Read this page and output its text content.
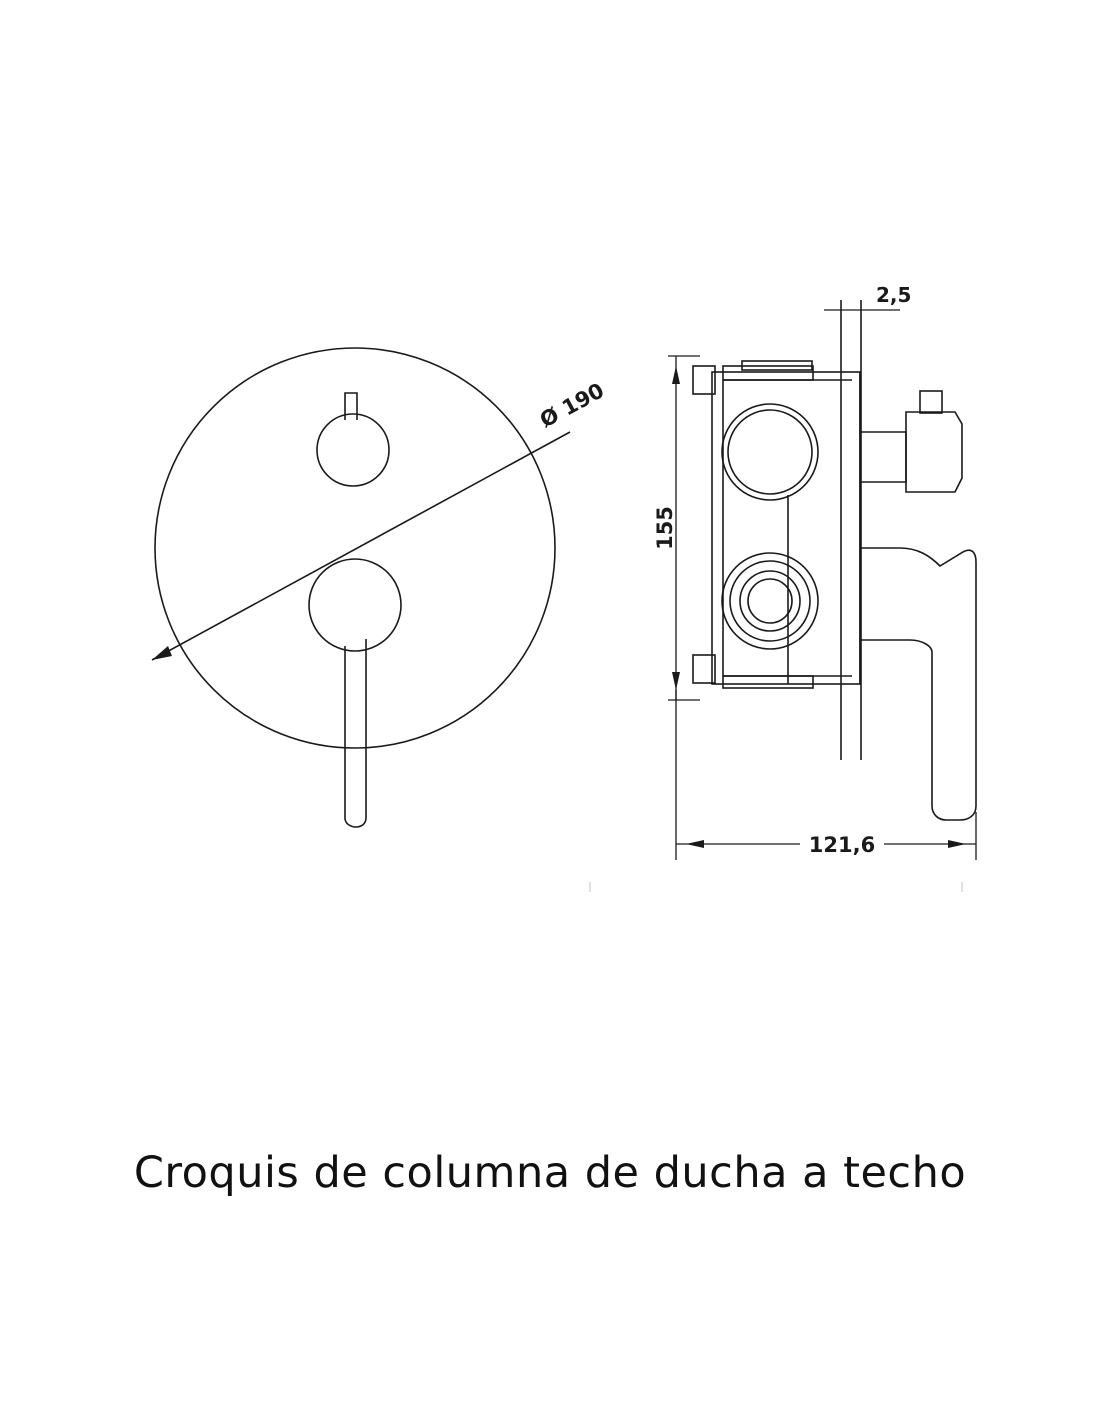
Ø 190
2,5
155
121,6
Croquis de columna de ducha a techo
